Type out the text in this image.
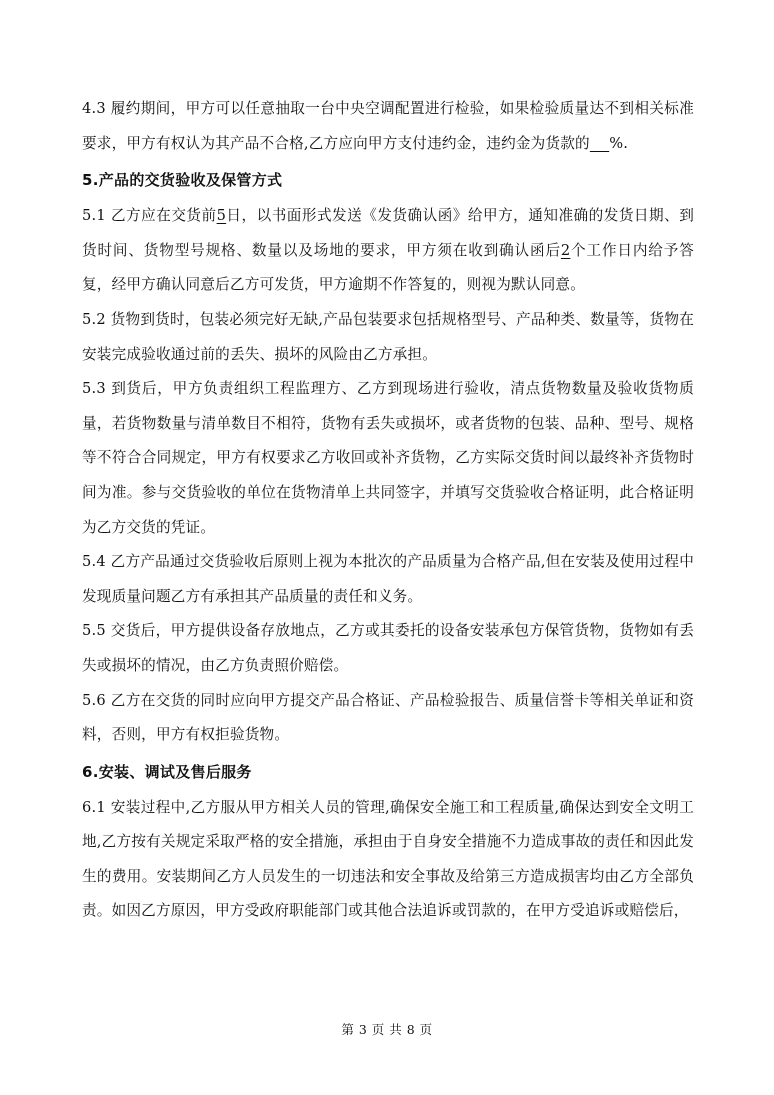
4.3 履约期间，甲方可以任意抽取一台中央空调配置进行检验，如果检验质量达不到相关标准要求，甲方有权认为其产品不合格,乙方应向甲方支付违约金，违约金为货款的 %.

5.产品的交货验收及保管方式

5.1 乙方应在交货前5日，以书面形式发送《发货确认函》给甲方，通知准确的发货日期、到货时间、货物型号规格、数量以及场地的要求，甲方须在收到确认函后2个工作日内给予答复，经甲方确认同意后乙方可发货，甲方逾期不作答复的，则视为默认同意。

5.2 货物到货时，包装必须完好无缺,产品包装要求包括规格型号、产品种类、数量等，货物在安装完成验收通过前的丢失、损坏的风险由乙方承担。

5.3 到货后，甲方负责组织工程监理方、乙方到现场进行验收，清点货物数量及验收货物质量，若货物数量与清单数目不相符，货物有丢失或损坏，或者货物的包装、品种、型号、规格等不符合合同规定，甲方有权要求乙方收回或补齐货物，乙方实际交货时间以最终补齐货物时间为准。参与交货验收的单位在货物清单上共同签字，并填写交货验收合格证明，此合格证明为乙方交货的凭证。

5.4 乙方产品通过交货验收后原则上视为本批次的产品质量为合格产品,但在安装及使用过程中发现质量问题乙方有承担其产品质量的责任和义务。

5.5 交货后，甲方提供设备存放地点，乙方或其委托的设备安装承包方保管货物，货物如有丢失或损坏的情况，由乙方负责照价赔偿。

5.6 乙方在交货的同时应向甲方提交产品合格证、产品检验报告、质量信誉卡等相关单证和资料，否则，甲方有权拒验货物。

6.安装、调试及售后服务

6.1 安装过程中,乙方服从甲方相关人员的管理,确保安全施工和工程质量,确保达到安全文明工地,乙方按有关规定采取严格的安全措施，承担由于自身安全措施不力造成事故的责任和因此发生的费用。安装期间乙方人员发生的一切违法和安全事故及给第三方造成损害均由乙方全部负责。如因乙方原因，甲方受政府职能部门或其他合法追诉或罚款的，在甲方受追诉或赔偿后，

第 3 页 共 8 页
